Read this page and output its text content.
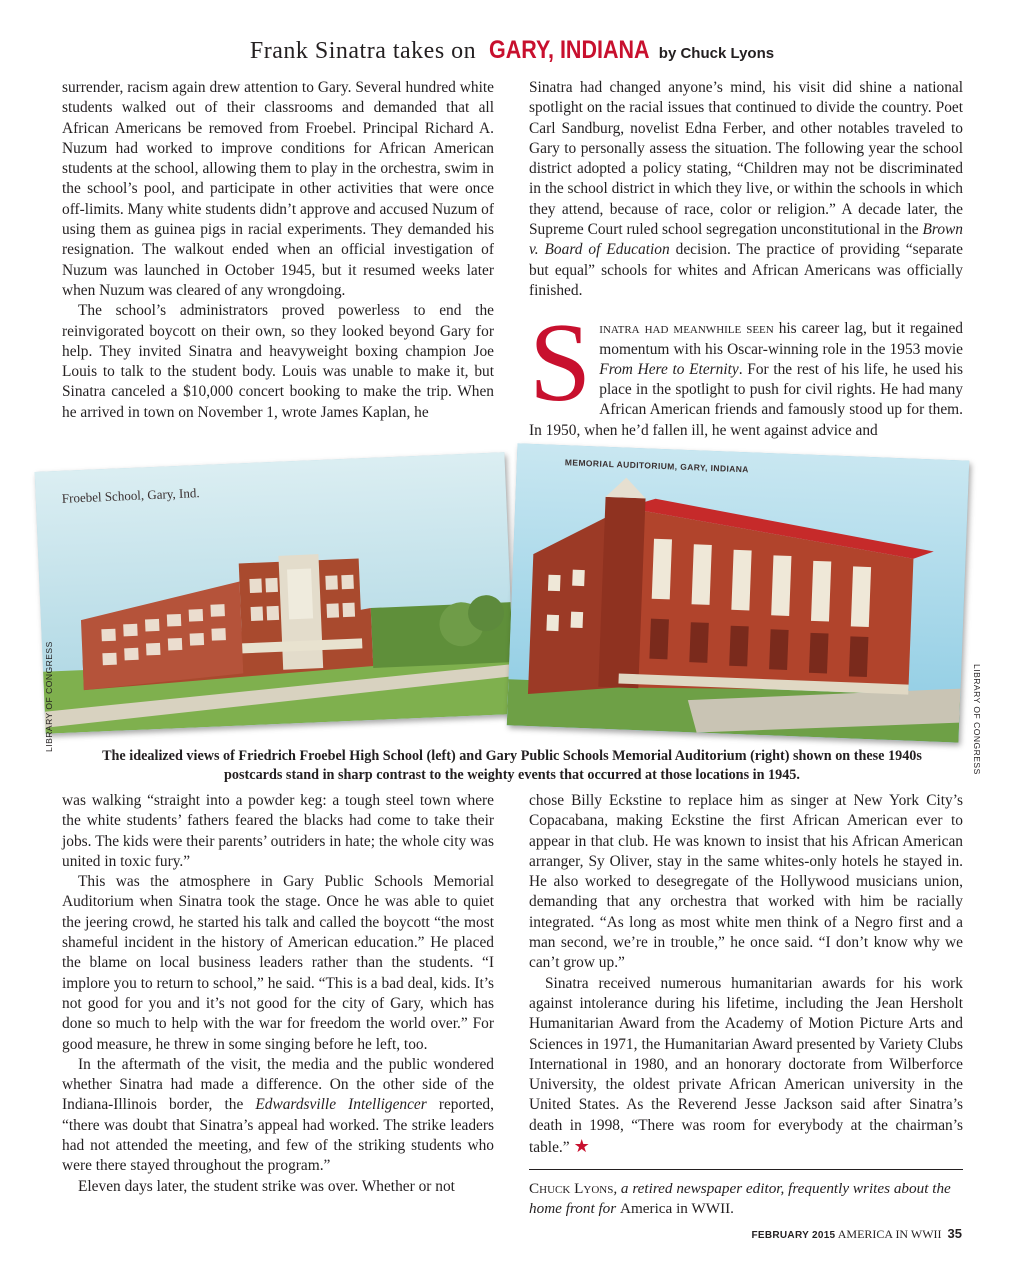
Frank Sinatra takes on GARY, INDIANA by Chuck Lyons

surrender, racism again drew attention to Gary. Several hundred white students walked out of their classrooms and demanded that all African Americans be removed from Froebel. Principal Richard A. Nuzum had worked to improve conditions for African American students at the school, allowing them to play in the orchestra, swim in the school’s pool, and participate in other activities that were once off-limits. Many white students didn’t approve and accused Nuzum of using them as guinea pigs in racial experiments. They demanded his resignation. The walkout ended when an official investigation of Nuzum was launched in October 1945, but it resumed weeks later when Nuzum was cleared of any wrongdoing.

The school’s administrators proved powerless to end the reinvigorated boycott on their own, so they looked beyond Gary for help. They invited Sinatra and heavyweight boxing champion Joe Louis to talk to the student body. Louis was unable to make it, but Sinatra canceled a $10,000 concert booking to make the trip. When he arrived in town on November 1, wrote James Kaplan, he

Sinatra had changed anyone’s mind, his visit did shine a national spotlight on the racial issues that continued to divide the country. Poet Carl Sandburg, novelist Edna Ferber, and other notables traveled to Gary to personally assess the situation. The following year the school district adopted a policy stating, “Children may not be discriminated in the school district in which they live, or within the schools in which they attend, because of race, color or religion.” A decade later, the Supreme Court ruled school segregation unconstitutional in the Brown v. Board of Education decision. The practice of providing “separate but equal” schools for whites and African Americans was officially finished.

Sinatra had meanwhile seen his career lag, but it regained momentum with his Oscar-winning role in the 1953 movie From Here to Eternity. For the rest of his life, he used his place in the spotlight to push for civil rights. He had many African American friends and famously stood up for them. In 1950, when he’d fallen ill, he went against advice and

Froebel School, Gary, Ind.
MEMORIAL AUDITORIUM, GARY, INDIANA
LIBRARY OF CONGRESS	LIBRARY OF CONGRESS
The idealized views of Friedrich Froebel High School (left) and Gary Public Schools Memorial Auditorium (right) shown on these 1940s postcards stand in sharp contrast to the weighty events that occurred at those locations in 1945.

was walking “straight into a powder keg: a tough steel town where the white students’ fathers feared the blacks had come to take their jobs. The kids were their parents’ outriders in hate; the whole city was united in toxic fury.”

This was the atmosphere in Gary Public Schools Memorial Auditorium when Sinatra took the stage. Once he was able to quiet the jeering crowd, he started his talk and called the boycott “the most shameful incident in the history of American education.” He placed the blame on local business leaders rather than the students. “I implore you to return to school,” he said. “This is a bad deal, kids. It’s not good for you and it’s not good for the city of Gary, which has done so much to help with the war for freedom the world over.” For good measure, he threw in some singing before he left, too.

In the aftermath of the visit, the media and the public wondered whether Sinatra had made a difference. On the other side of the Indiana-Illinois border, the Edwardsville Intelligencer reported, “there was doubt that Sinatra’s appeal had worked. The strike leaders had not attended the meeting, and few of the striking students who were there stayed throughout the program.”

Eleven days later, the student strike was over. Whether or not

chose Billy Eckstine to replace him as singer at New York City’s Copacabana, making Eckstine the first African American ever to appear in that club. He was known to insist that his African American arranger, Sy Oliver, stay in the same whites-only hotels he stayed in. He also worked to desegregate of the Hollywood musicians union, demanding that any orchestra that worked with him be racially integrated. “As long as most white men think of a Negro first and a man second, we’re in trouble,” he once said. “I don’t know why we can’t grow up.”

Sinatra received numerous humanitarian awards for his work against intolerance during his lifetime, including the Jean Hersholt Humanitarian Award from the Academy of Motion Picture Arts and Sciences in 1971, the Humanitarian Award presented by Variety Clubs International in 1980, and an honorary doctorate from Wilberforce University, the oldest private African American university in the United States. As the Reverend Jesse Jackson said after Sinatra’s death in 1998, “There was room for everybody at the chairman’s table.” ★

Chuck Lyons, a retired newspaper editor, frequently writes about the home front for America in WWII.
FEBRUARY 2015 AMERICA IN WWII 35
